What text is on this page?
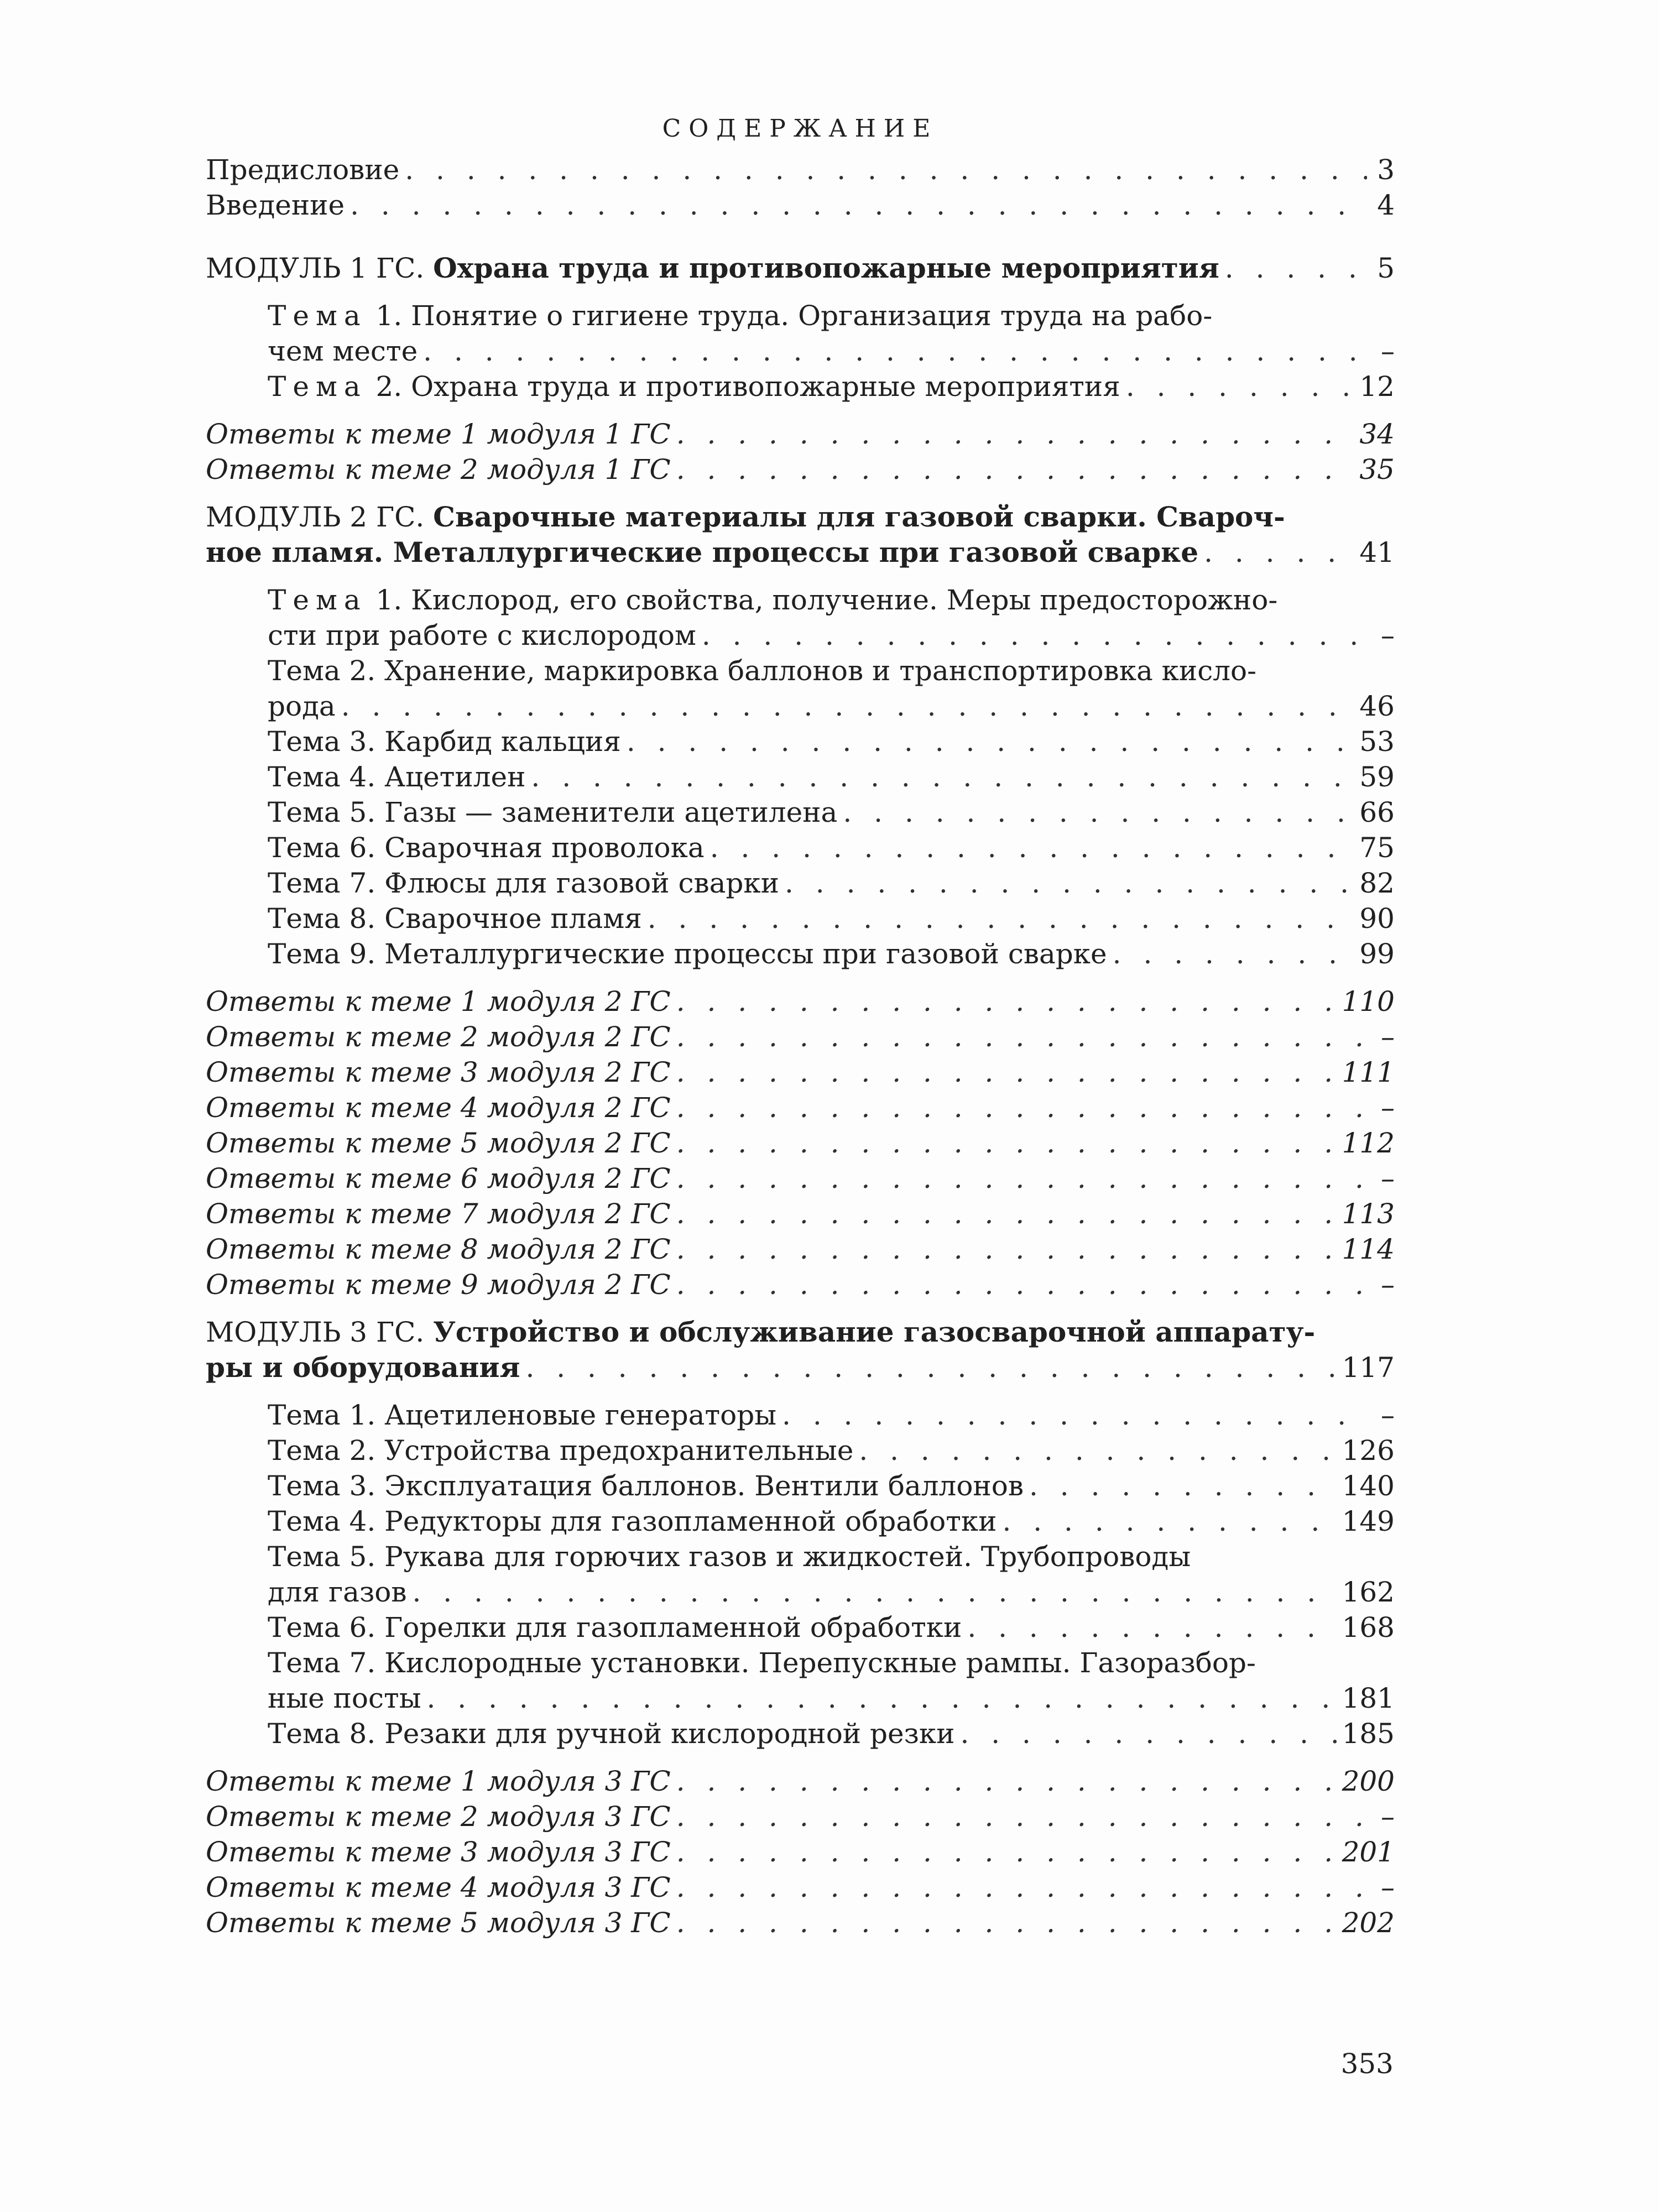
СОДЕРЖАНИЕ
Предисловие . . .	3
Введение . . .	4
МОДУЛЬ 1 ГС. Охрана труда и противопожарные мероприятия . . .	5
Тема 1. Понятие о гигиене труда. Организация труда на рабо-
чем месте . . .	–
Тема 2. Охрана труда и противопожарные мероприятия . . .	12
Ответы к теме 1 модуля 1 ГС . . .	34
Ответы к теме 2 модуля 1 ГС . . .	35
МОДУЛЬ 2 ГС. Сварочные материалы для газовой сварки. Свароч-
ное пламя. Металлургические процессы при газовой сварке . . .	41
Тема 1. Кислород, его свойства, получение. Меры предосторожно-
сти при работе с кислородом . . .	–
Тема 2. Хранение, маркировка баллонов и транспортировка кисло-
рода . . .	46
Тема 3. Карбид кальция . . .	53
Тема 4. Ацетилен . . .	59
Тема 5. Газы — заменители ацетилена . . .	66
Тема 6. Сварочная проволока . . .	75
Тема 7. Флюсы для газовой сварки . . .	82
Тема 8. Сварочное пламя . . .	90
Тема 9. Металлургические процессы при газовой сварке . . .	99
Ответы к теме 1 модуля 2 ГС . . .	110
Ответы к теме 2 модуля 2 ГС . . .	–
Ответы к теме 3 модуля 2 ГС . . .	111
Ответы к теме 4 модуля 2 ГС . . .	–
Ответы к теме 5 модуля 2 ГС . . .	112
Ответы к теме 6 модуля 2 ГС . . .	–
Ответы к теме 7 модуля 2 ГС . . .	113
Ответы к теме 8 модуля 2 ГС . . .	114
Ответы к теме 9 модуля 2 ГС . . .	–
МОДУЛЬ 3 ГС. Устройство и обслуживание газосварочной аппарату-
ры и оборудования . . .	117
Тема 1. Ацетиленовые генераторы . . .	–
Тема 2. Устройства предохранительные . . .	126
Тема 3. Эксплуатация баллонов. Вентили баллонов . . .	140
Тема 4. Редукторы для газопламенной обработки . . .	149
Тема 5. Рукава для горючих газов и жидкостей. Трубопроводы
для газов . . .	162
Тема 6. Горелки для газопламенной обработки . . .	168
Тема 7. Кислородные установки. Перепускные рампы. Газоразбор-
ные посты . . .	181
Тема 8. Резаки для ручной кислородной резки . . .	185
Ответы к теме 1 модуля 3 ГС . . .	200
Ответы к теме 2 модуля 3 ГС . . .	–
Ответы к теме 3 модуля 3 ГС . . .	201
Ответы к теме 4 модуля 3 ГС . . .	–
Ответы к теме 5 модуля 3 ГС . . .	202
353
